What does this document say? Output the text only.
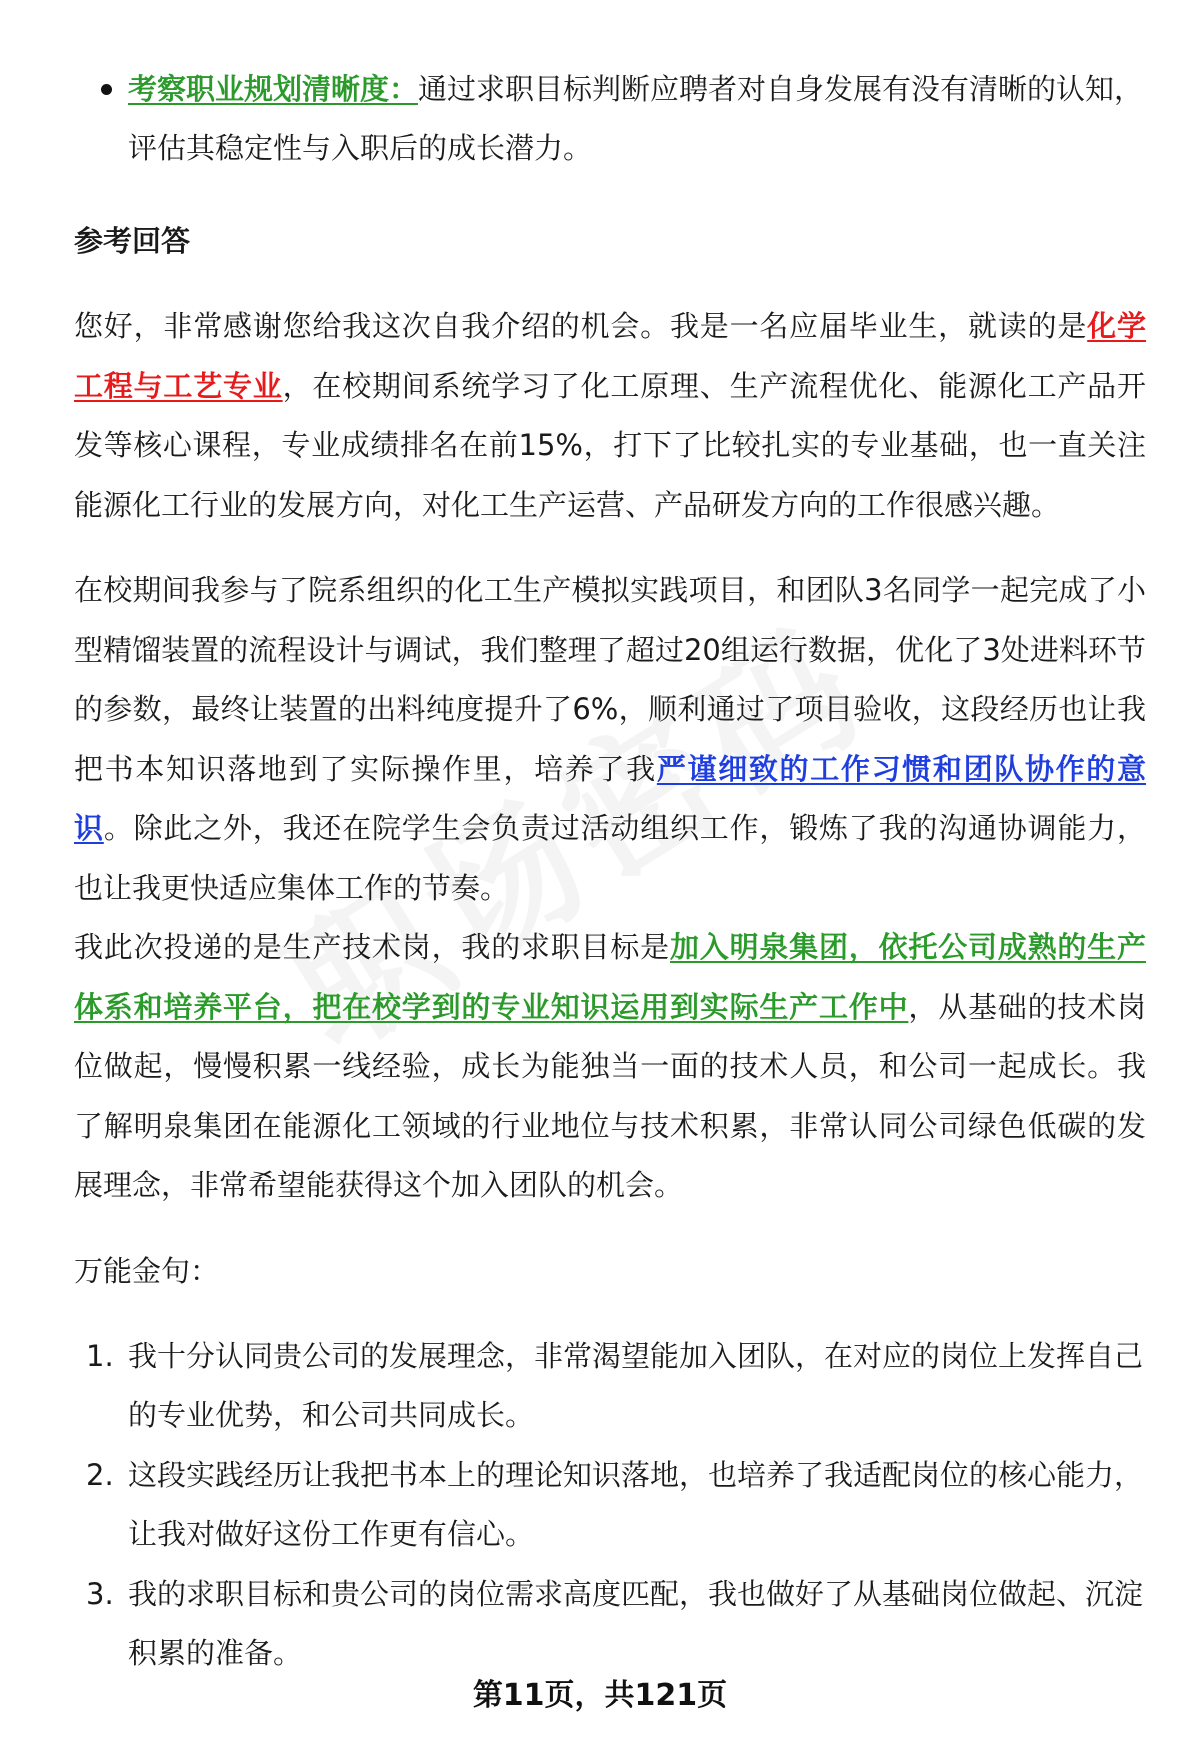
考察职业规划清晰度：通过求职目标判断应聘者对自身发展有没有清晰的认知，评估其稳定性与入职后的成长潜力。
参考回答

您好，非常感谢您给我这次自我介绍的机会。我是一名应届毕业生，就读的是化学工程与工艺专业，在校期间系统学习了化工原理、生产流程优化、能源化工产品开发等核心课程，专业成绩排名在前15%，打下了比较扎实的专业基础，也一直关注能源化工行业的发展方向，对化工生产运营、产品研发方向的工作很感兴趣。

在校期间我参与了院系组织的化工生产模拟实践项目，和团队3名同学一起完成了小型精馏装置的流程设计与调试，我们整理了超过20组运行数据，优化了3处进料环节的参数，最终让装置的出料纯度提升了6%，顺利通过了项目验收，这段经历也让我把书本知识落地到了实际操作里，培养了我严谨细致的工作习惯和团队协作的意识。除此之外，我还在院学生会负责过活动组织工作，锻炼了我的沟通协调能力，也让我更快适应集体工作的节奏。

我此次投递的是生产技术岗，我的求职目标是加入明泉集团，依托公司成熟的生产体系和培养平台，把在校学到的专业知识运用到实际生产工作中，从基础的技术岗位做起，慢慢积累一线经验，成长为能独当一面的技术人员，和公司一起成长。我了解明泉集团在能源化工领域的行业地位与技术积累，非常认同公司绿色低碳的发展理念，非常希望能获得这个加入团队的机会。

万能金句：
1. 我十分认同贵公司的发展理念，非常渴望能加入团队，在对应的岗位上发挥自己的专业优势，和公司共同成长。
2. 这段实践经历让我把书本上的理论知识落地，也培养了我适配岗位的核心能力，让我对做好这份工作更有信心。
3. 我的求职目标和贵公司的岗位需求高度匹配，我也做好了从基础岗位做起、沉淀积累的准备。
第11页，共121页
